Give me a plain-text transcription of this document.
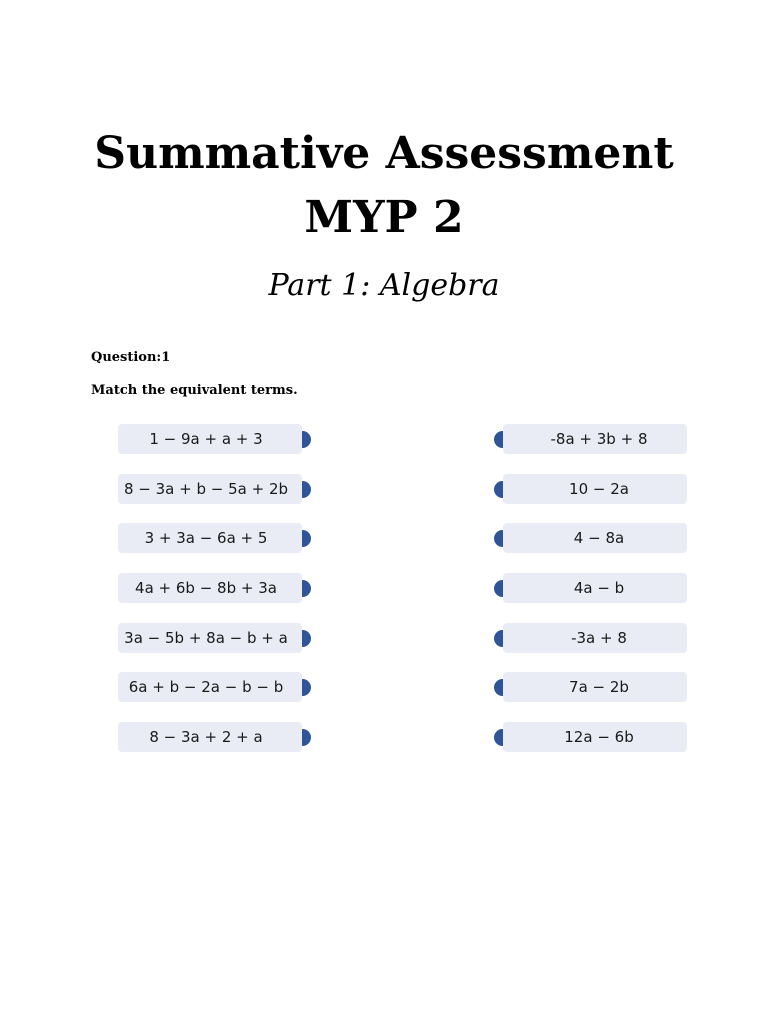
Summative Assessment
MYP 2
Part 1: Algebra
Question:1
Match the equivalent terms.
1 − 9a + a + 3
8 − 3a + b − 5a + 2b
3 + 3a − 6a + 5
4a + 6b − 8b + 3a
3a − 5b + 8a − b + a
6a + b − 2a − b − b
8 − 3a + 2 + a
-8a + 3b + 8
10 − 2a
4 − 8a
4a − b
-3a + 8
7a − 2b
12a − 6b
